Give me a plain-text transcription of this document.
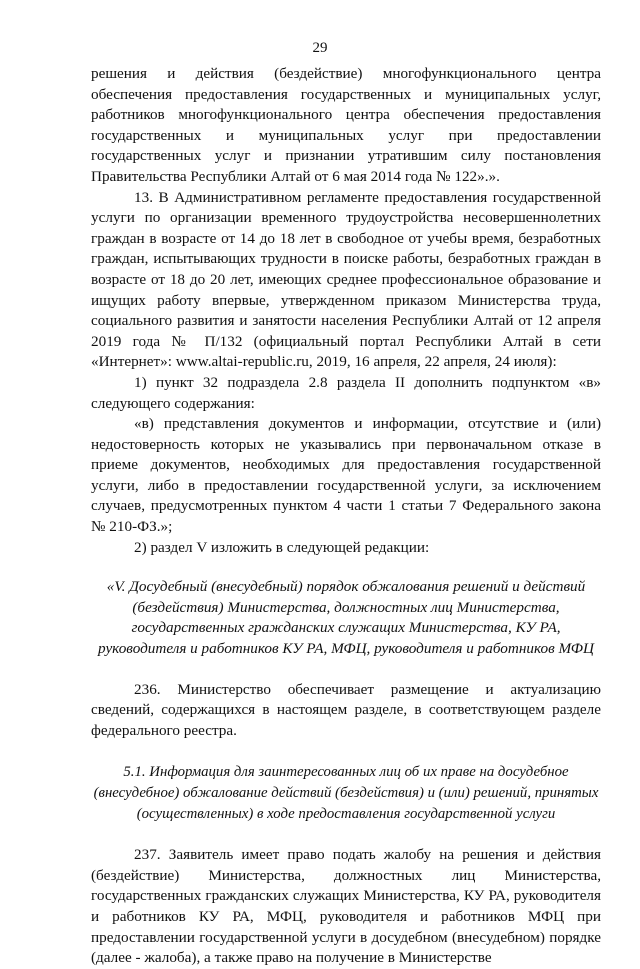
29

решения и действия (бездействие) многофункционального центра обеспечения предоставления государственных и муниципальных услуг, работников многофункционального центра обеспечения предоставления государственных и муниципальных услуг при предоставлении государственных услуг и признании утратившим силу постановления Правительства Республики Алтай от 6 мая 2014 года № 122».».

13. В Административном регламенте предоставления государственной услуги по организации временного трудоустройства несовершеннолетних граждан в возрасте от 14 до 18 лет в свободное от учебы время, безработных граждан, испытывающих трудности в поиске работы, безработных граждан в возрасте от 18 до 20 лет, имеющих среднее профессиональное образование и ищущих работу впервые, утвержденном приказом Министерства труда, социального развития и занятости населения Республики Алтай от 12 апреля 2019 года № П/132 (официальный портал Республики Алтай в сети «Интернет»: www.altai-republic.ru, 2019, 16 апреля, 22 апреля, 24 июля):

1) пункт 32 подраздела 2.8 раздела II дополнить подпунктом «в» следующего содержания:

«в) представления документов и информации, отсутствие и (или) недостоверность которых не указывались при первоначальном отказе в приеме документов, необходимых для предоставления государственной услуги, либо в предоставлении государственной услуги, за исключением случаев, предусмотренных пунктом 4 части 1 статьи 7 Федерального закона № 210-ФЗ.»;

2) раздел V изложить в следующей редакции:

«V. Досудебный (внесудебный) порядок обжалования решений и действий (бездействия) Министерства, должностных лиц Министерства, государственных гражданских служащих Министерства, КУ РА, руководителя и работников КУ РА, МФЦ, руководителя и работников МФЦ

236. Министерство обеспечивает размещение и актуализацию сведений, содержащихся в настоящем разделе, в соответствующем разделе федерального реестра.

5.1. Информация для заинтересованных лиц об их праве на досудебное (внесудебное) обжалование действий (бездействия) и (или) решений, принятых (осуществленных) в ходе предоставления государственной услуги

237. Заявитель имеет право подать жалобу на решения и действия (бездействие) Министерства, должностных лиц Министерства, государственных гражданских служащих Министерства, КУ РА, руководителя и работников КУ РА, МФЦ, руководителя и работников МФЦ при предоставлении государственной услуги в досудебном (внесудебном) порядке (далее - жалоба), а также право на получение в Министерстве
